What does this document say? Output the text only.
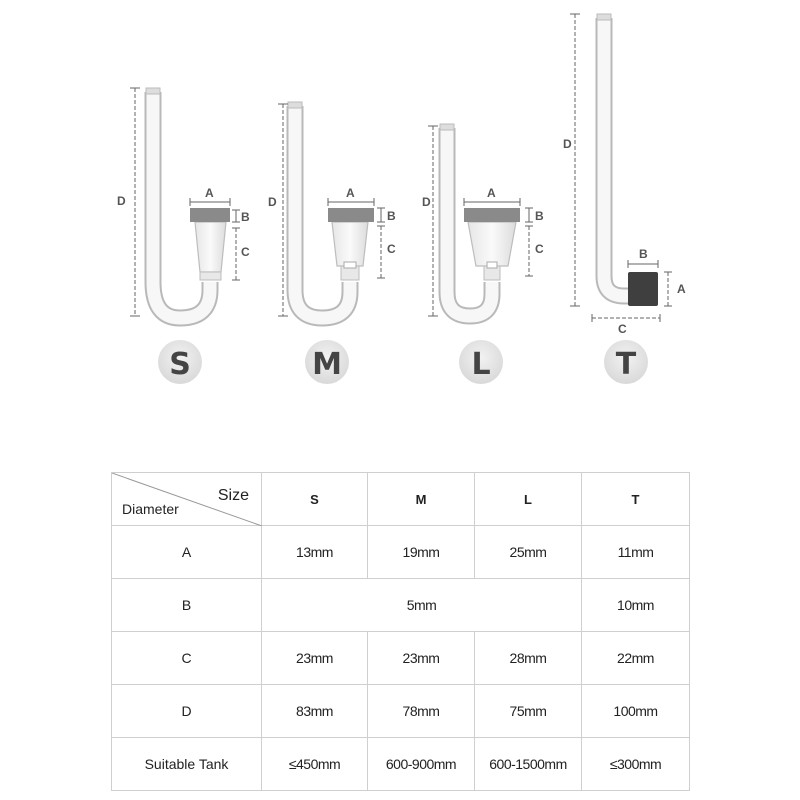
D
A
B
C
D
A
B
C
D
A
B
C
D
B
A
C
S	M	L	T
Size
Diameter	S	M	L	T
A	13mm	19mm	25mm	11mm
B	5mm			10mm
C	23mm	23mm	28mm	22mm
D	83mm	78mm	75mm	100mm
Suitable Tank	≤450mm	600-900mm	600-1500mm	≤300mm
